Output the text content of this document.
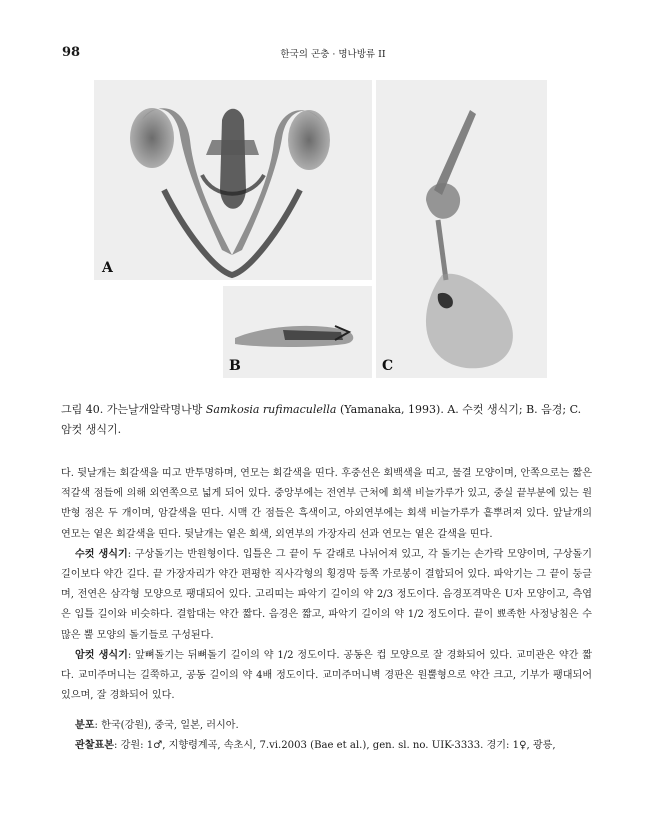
98	한국의 곤충 · 명나방류 II
A
B	C
그림 40. 가는날개알락명나방 Samkosia rufimaculella (Yamanaka, 1993). A. 수컷 생식기; B. 음경; C. 암컷 생식기.

다. 뒷날개는 회갈색을 띠고 반투명하며, 연모는 회갈색을 띤다. 후중선은 회백색을 띠고, 물결 모양이며, 안쪽으로는 짧은 적갈색 점들에 의해 외연쪽으로 넓게 되어 있다. 중앙부에는 전연부 근처에 회색 비늘가루가 있고, 중실 끝부분에 있는 원반형 점은 두 개이며, 암갈색을 띤다. 시맥 간 점들은 흑색이고, 아외연부에는 회색 비늘가루가 흩뿌려져 있다. 앞날개의 연모는 옅은 회갈색을 띤다. 뒷날개는 옅은 회색, 외연부의 가장자리 선과 연모는 옅은 갈색을 띤다.

수컷 생식기: 구상돌기는 반원형이다. 입틀은 그 끝이 두 갈래로 나뉘어져 있고, 각 돌기는 손가락 모양이며, 구상돌기 길이보다 약간 길다. 끝 가장자리가 약간 편평한 직사각형의 횡경막 등쪽 가로봉이 결합되어 있다. 파악기는 그 끝이 둥글며, 전연은 삼각형 모양으로 팽대되어 있다. 고리띠는 파악기 길이의 약 2/3 정도이다. 음경포격막은 U자 모양이고, 측엽은 입틀 길이와 비슷하다. 결합대는 약간 짧다. 음경은 짧고, 파악기 길이의 약 1/2 정도이다. 끝이 뾰족한 사정낭침은 수많은 뿔 모양의 돌기들로 구성된다.

암컷 생식기: 앞뼈돌기는 뒤뼈돌기 길이의 약 1/2 정도이다. 공동은 컵 모양으로 잘 경화되어 있다. 교미관은 약간 짧다. 교미주머니는 길쭉하고, 공동 길이의 약 4배 정도이다. 교미주머니벽 경판은 원뿔형으로 약간 크고, 기부가 팽대되어 있으며, 잘 경화되어 있다.

분포: 한국(강원), 중국, 일본, 러시아.

관찰표본: 강원: 1♂, 지향령계곡, 속초시, 7.vi.2003 (Bae et al.), gen. sl. no. UIK-3333. 경기: 1♀, 광릉,
